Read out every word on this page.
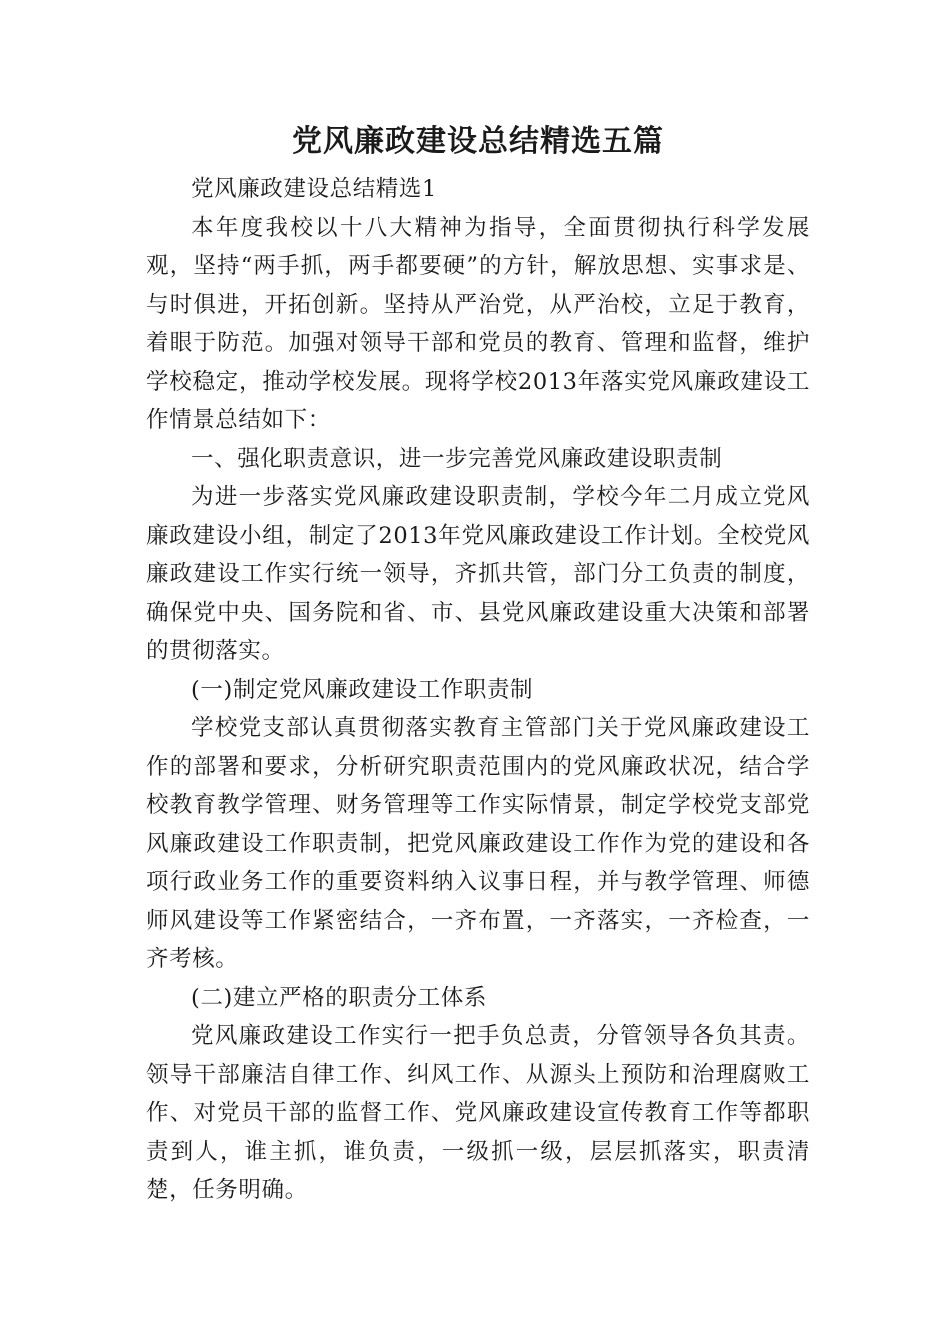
党风廉政建设总结精选五篇

党风廉政建设总结精选1

本年度我校以十八大精神为指导，全面贯彻执行科学发展观，坚持“两手抓，两手都要硬”的方针，解放思想、实事求是、与时俱进，开拓创新。坚持从严治党，从严治校，立足于教育，着眼于防范。加强对领导干部和党员的教育、管理和监督，维护学校稳定，推动学校发展。现将学校2013年落实党风廉政建设工作情景总结如下：

一、强化职责意识，进一步完善党风廉政建设职责制

为进一步落实党风廉政建设职责制，学校今年二月成立党风廉政建设小组，制定了2013年党风廉政建设工作计划。全校党风廉政建设工作实行统一领导，齐抓共管，部门分工负责的制度，确保党中央、国务院和省、市、县党风廉政建设重大决策和部署的贯彻落实。

(一)制定党风廉政建设工作职责制

学校党支部认真贯彻落实教育主管部门关于党风廉政建设工作的部署和要求，分析研究职责范围内的党风廉政状况，结合学校教育教学管理、财务管理等工作实际情景，制定学校党支部党风廉政建设工作职责制，把党风廉政建设工作作为党的建设和各项行政业务工作的重要资料纳入议事日程，并与教学管理、师德师风建设等工作紧密结合，一齐布置，一齐落实，一齐检查，一齐考核。

(二)建立严格的职责分工体系

党风廉政建设工作实行一把手负总责，分管领导各负其责。领导干部廉洁自律工作、纠风工作、从源头上预防和治理腐败工作、对党员干部的监督工作、党风廉政建设宣传教育工作等都职责到人，谁主抓，谁负责，一级抓一级，层层抓落实，职责清楚，任务明确。
